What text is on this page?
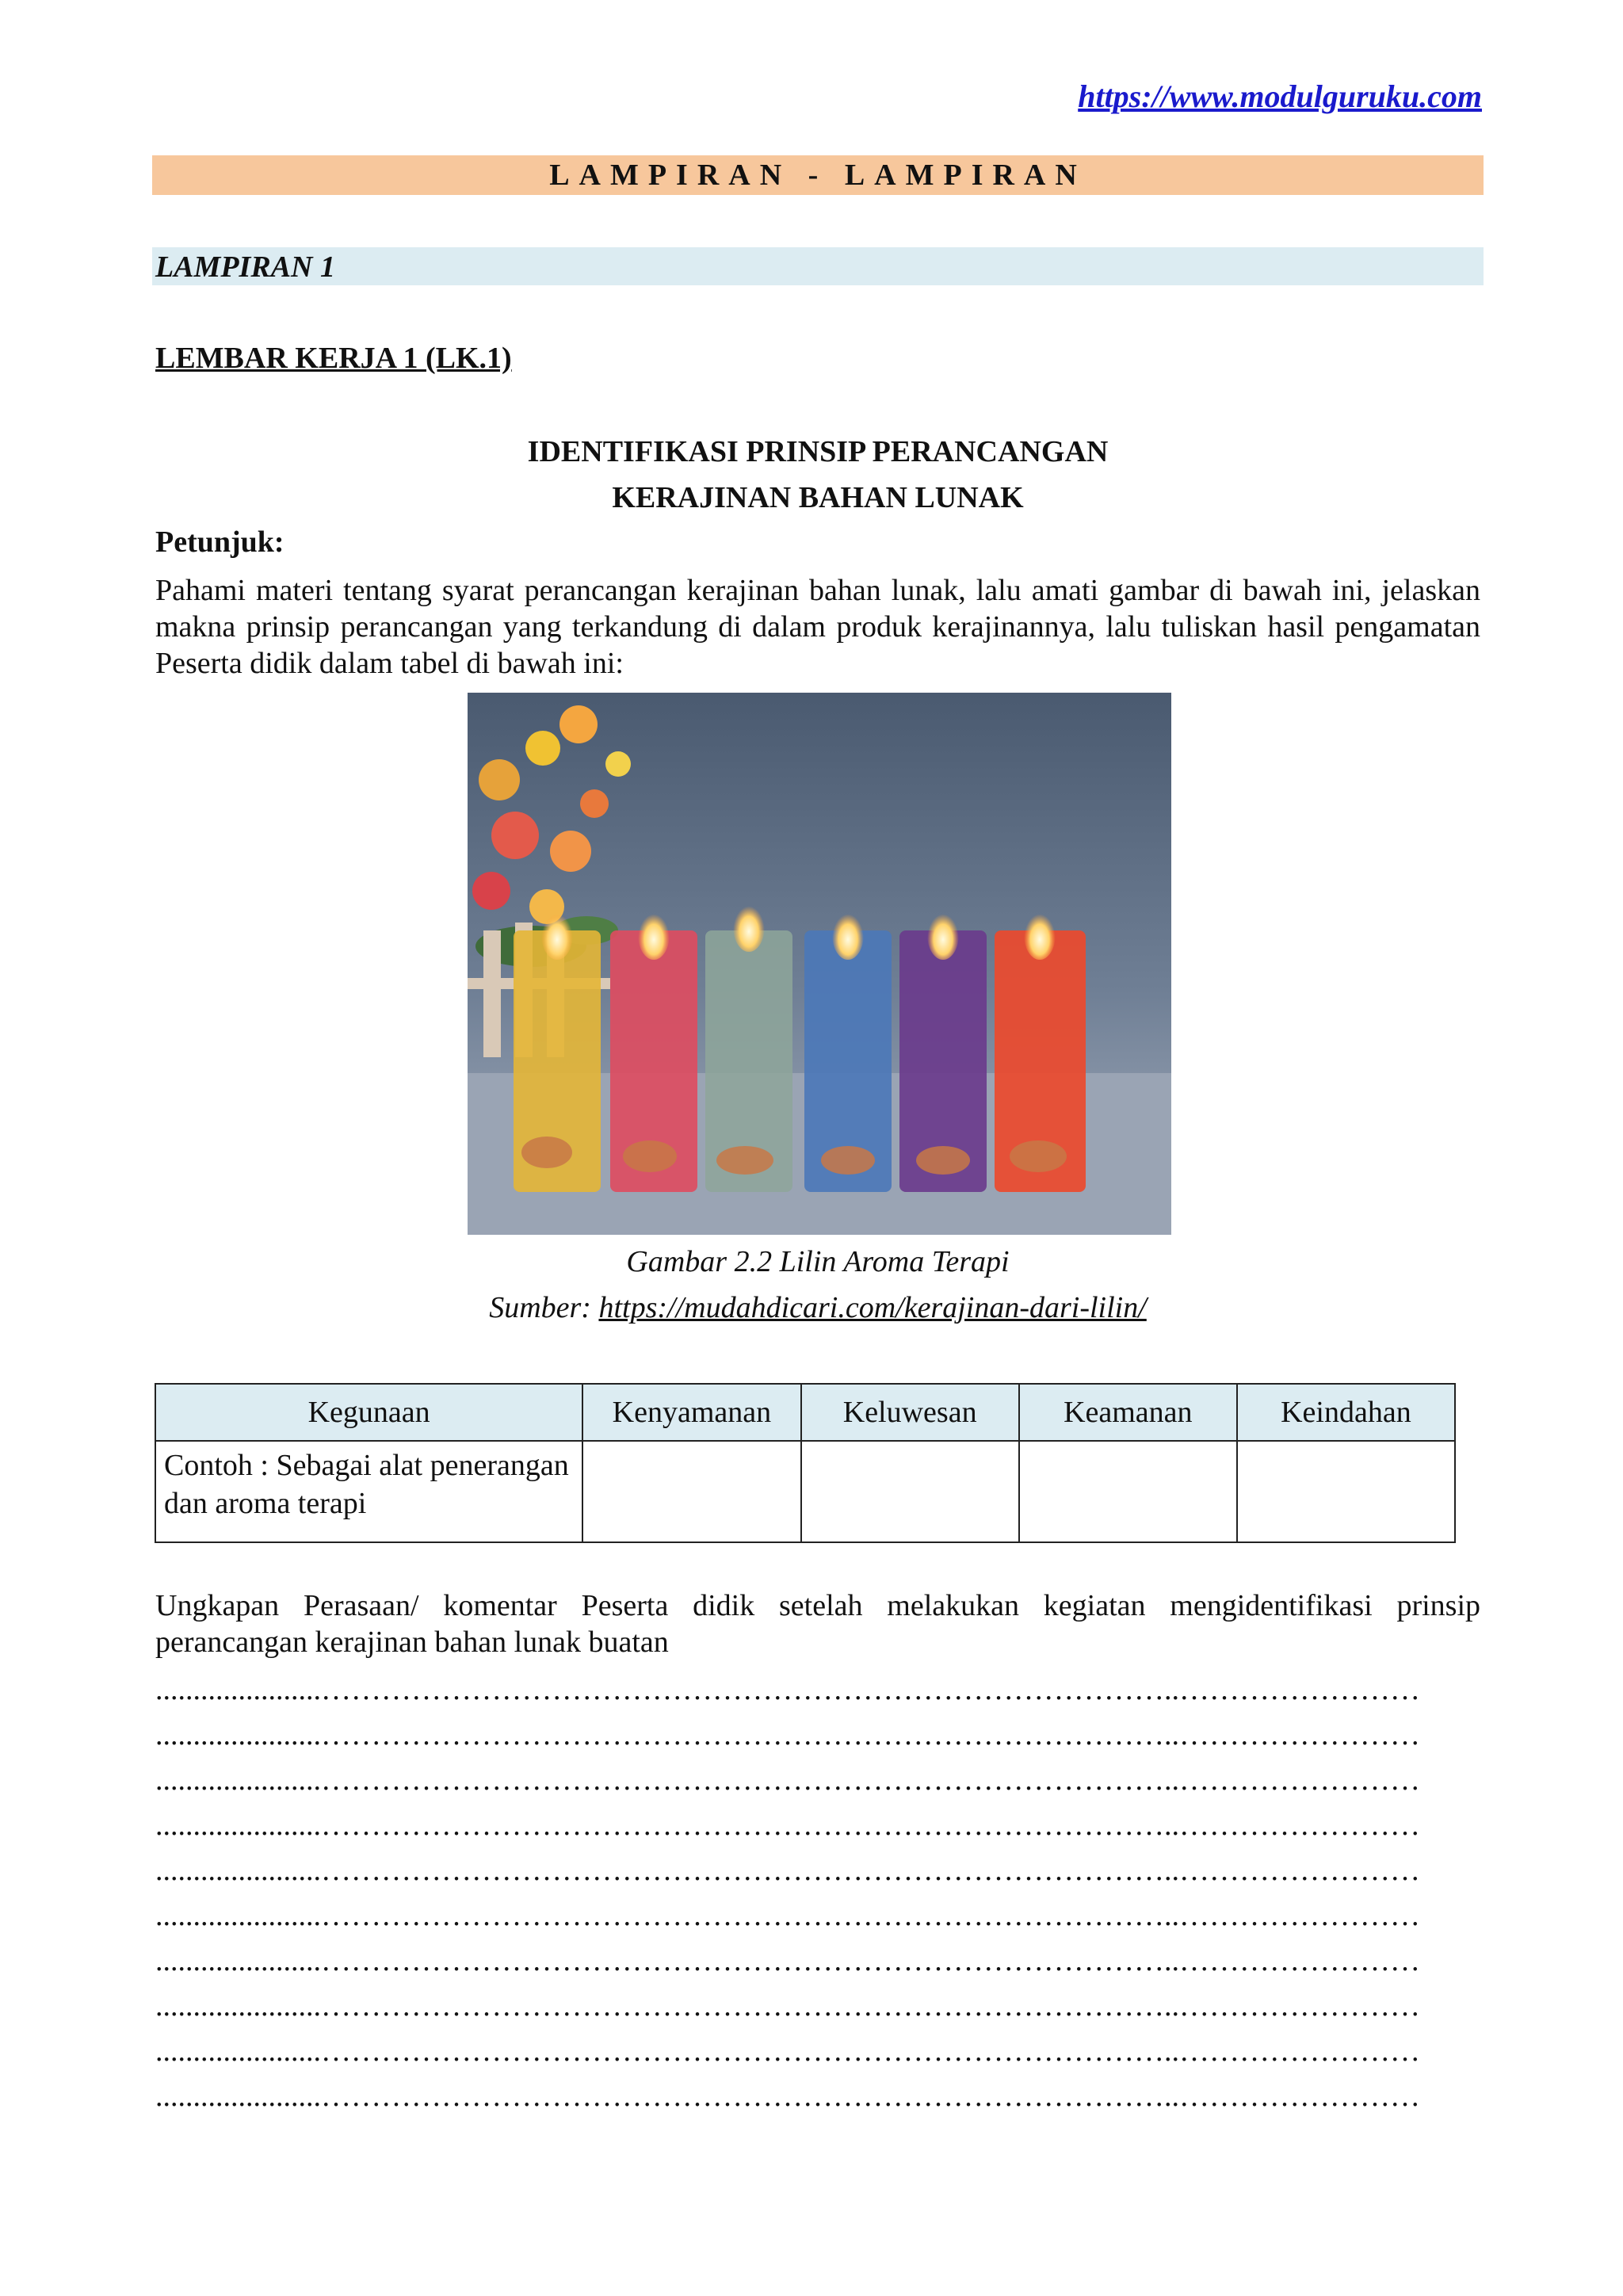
https://www.modulguruku.com
LAMPIRAN - LAMPIRAN
LAMPIRAN 1
LEMBAR KERJA 1 (LK.1)
IDENTIFIKASI PRINSIP PERANCANGAN
KERAJINAN BAHAN LUNAK
Petunjuk:
Pahami materi tentang syarat perancangan kerajinan bahan lunak, lalu amati gambar di bawah ini, jelaskan makna prinsip perancangan yang terkandung di dalam produk kerajinannya, lalu tuliskan hasil pengamatan Peserta didik dalam tabel di bawah ini:
Gambar 2.2 Lilin Aroma Terapi
Sumber: https://mudahdicari.com/kerajinan-dari-lilin/
Kegunaan	Kenyamanan	Keluwesan	Keamanan	Keindahan
Contoh : Sebagai alat penerangan dan aroma terapi				
Ungkapan Perasaan/ komentar Peserta didik setelah melakukan kegiatan mengidentifikasi prinsip perancangan kerajinan bahan lunak buatan
......................…………………………………………………………………………..……………………
......................…………………………………………………………………………..……………………
......................…………………………………………………………………………..……………………
......................…………………………………………………………………………..……………………
......................…………………………………………………………………………..……………………
......................…………………………………………………………………………..……………………
......................…………………………………………………………………………..……………………
......................…………………………………………………………………………..……………………
......................…………………………………………………………………………..……………………
......................…………………………………………………………………………..……………………
